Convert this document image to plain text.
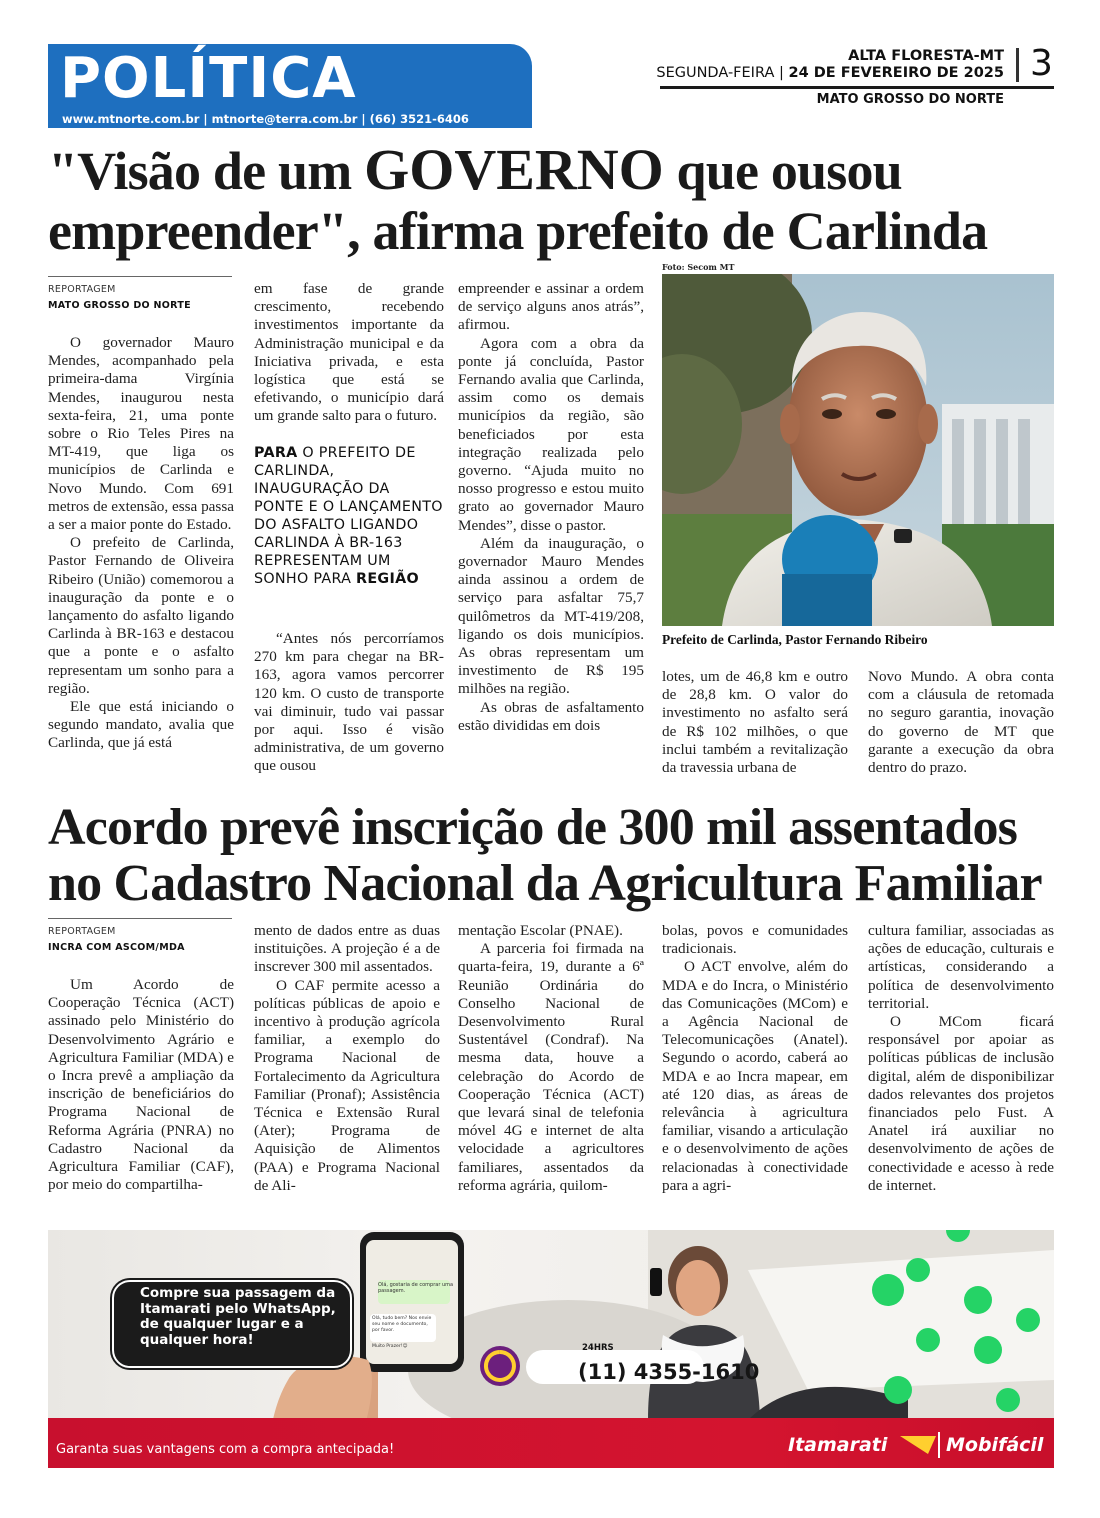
POLÍTICA
www.mtnorte.com.br | mtnorte@terra.com.br | (66) 3521-6406
ALTA FLORESTA-MT
SEGUNDA-FEIRA | 24 DE FEVEREIRO DE 2025 3
MATO GROSSO DO NORTE
"Visão de um GOVERNO que ousou
empreender", afirma prefeito de Carlinda
REPORTAGEM
MATO GROSSO DO NORTE

O governador Mauro Mendes, acompanhado pela primeira-dama Virgínia Mendes, inaugurou nesta sexta-feira, 21, uma ponte sobre o Rio Teles Pires na MT-419, que liga os municípios de Carlinda e Novo Mundo. Com 691 metros de extensão, essa passa a ser a maior ponte do Estado.

O prefeito de Carlinda, Pastor Fernando de Oliveira Ribeiro (União) comemorou a inauguração da ponte e o lançamento do asfalto ligando Carlinda à BR-163 e destacou que a ponte e o asfalto representam um sonho para a região.

Ele que está iniciando o segundo mandato, avalia que Carlinda, que já está

em fase de grande crescimento, recebendo investimentos importante da Administração municipal e da Iniciativa privada, e esta logística que está se efetivando, o município dará um grande salto para o futuro.

PARA O PREFEITO DE CARLINDA, INAUGURAÇÃO DA PONTE E O LANÇAMENTO DO ASFALTO LIGANDO CARLINDA À BR-163 REPRESENTAM UM SONHO PARA REGIÃO

“Antes nós percorríamos 270 km para chegar na BR-163, agora vamos percorrer 120 km. O custo de transporte vai diminuir, tudo vai passar por aqui. Isso é visão administrativa, de um governo que ousou

empreender e assinar a ordem de serviço alguns anos atrás”, afirmou.

Agora com a obra da ponte já concluída, Pastor Fernando avalia que Carlinda, assim como os demais municípios da região, são beneficiados por esta integração realizada pelo governo. “Ajuda muito no nosso progresso e estou muito grato ao governador Mauro Mendes”, disse o pastor.

Além da inauguração, o governador Mauro Mendes ainda assinou a ordem de serviço para asfaltar 75,7 quilômetros da MT-419/208, ligando os dois municípios. As obras representam um investimento de R$ 195 milhões na região.

As obras de asfaltamento estão divididas em dois

Foto: Secom MT
Prefeito de Carlinda, Pastor Fernando Ribeiro

lotes, um de 46,8 km e outro de 28,8 km. O valor do investimento no asfalto será de R$ 102 milhões, o que inclui também a revitalização da travessia urbana de

Novo Mundo. A obra conta com a cláusula de retomada no seguro garantia, inovação do governo de MT que garante a execução da obra dentro do prazo.

Acordo prevê inscrição de 300 mil assentados
no Cadastro Nacional da Agricultura Familiar
REPORTAGEM
INCRA COM ASCOM/MDA

Um Acordo de Cooperação Técnica (ACT) assinado pelo Ministério do Desenvolvimento Agrário e Agricultura Familiar (MDA) e o Incra prevê a ampliação da inscrição de beneficiários do Programa Nacional de Reforma Agrária (PNRA) no Cadastro Nacional da Agricultura Familiar (CAF), por meio do compartilha-

mento de dados entre as duas instituições. A projeção é a de inscrever 300 mil assentados.

O CAF permite acesso a políticas públicas de apoio e incentivo à produção agrícola familiar, a exemplo do Programa Nacional de Fortalecimento da Agricultura Familiar (Pronaf); Assistência Técnica e Extensão Rural (Ater); Programa de Aquisição de Alimentos (PAA) e Programa Nacional de Ali-

mentação Escolar (PNAE).

A parceria foi firmada na quarta-feira, 19, durante a 6ª Reunião Ordinária do Conselho Nacional de Desenvolvimento Rural Sustentável (Condraf). Na mesma data, houve a celebração do Acordo de Cooperação Técnica (ACT) que levará sinal de telefonia móvel 4G e internet de alta velocidade a agricultores familiares, assentados da reforma agrária, quilom-

bolas, povos e comunidades tradicionais.

O ACT envolve, além do MDA e do Incra, o Ministério das Comunicações (MCom) e a Agência Nacional de Telecomunicações (Anatel). Segundo o acordo, caberá ao MDA e ao Incra mapear, em até 120 dias, as áreas de relevância à agricultura familiar, visando a articulação e o desenvolvimento de ações relacionadas à conectividade para a agri-

cultura familiar, associadas as ações de educação, culturais e artísticas, considerando a política de desenvolvimento territorial.

O MCom ficará responsável por apoiar as políticas públicas de inclusão digital, além de disponibilizar dados relevantes dos projetos financiados pelo Fust. A Anatel irá auxiliar no desenvolvimento de ações de conectividade e acesso à rede de internet.

Olá, gostaria de comprar uma passagem.
Olá, tudo bem? Nos envie seu nome e documento, por favor.
Muito Prazer!😉
Compre sua passagem da Itamarati pelo WhatsApp, de qualquer lugar e a qualquer hora!
24HRS
(11) 4355-1610
Garanta suas vantagens com a compra antecipada!	Itamarati	Mobifácil
